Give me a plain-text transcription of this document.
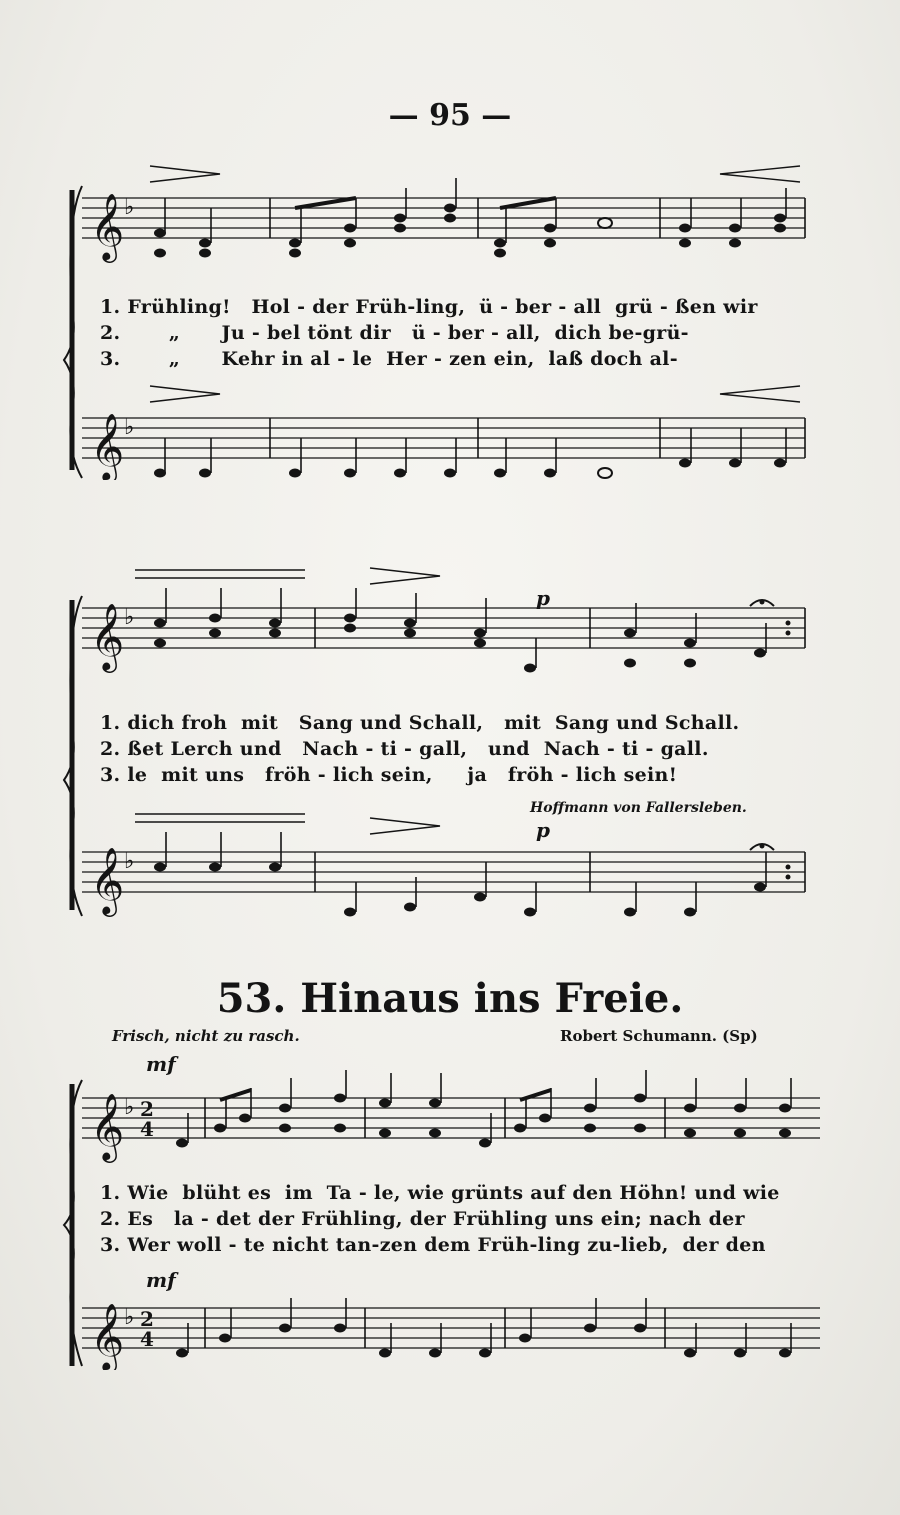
— 95 —
𝄞
𝄞
♭
♭
1. Frühling!   Hol - der Früh-ling,  ü - ber - all  grü - ßen wir
2.       „      Ju - bel tönt dir   ü - ber - all,  dich be-grü-
3.       „      Kehr in al - le  Her - zen ein,  laß doch al-
𝄞
𝄞
♭
♭
p
p
1. dich froh  mit   Sang und Schall,   mit  Sang und Schall.
2. ßet Lerch und   Nach - ti - gall,   und  Nach - ti - gall.
3. le  mit uns   fröh - lich sein,     ja   fröh - lich sein!
Hoffmann von Fallersleben.
53. Hinaus ins Freie.
Frisch, nicht zu rasch.	Robert Schumann. (Sp)
mf
mf
𝄞
𝄞
♭
♭
2
4
2
4
1. Wie  blüht es  im  Ta - le, wie grünts auf den Höhn! und wie
2. Es   la - det der Frühling, der Frühling uns ein; nach der
3. Wer woll - te nicht tan-zen dem Früh-ling zu-lieb,  der den
